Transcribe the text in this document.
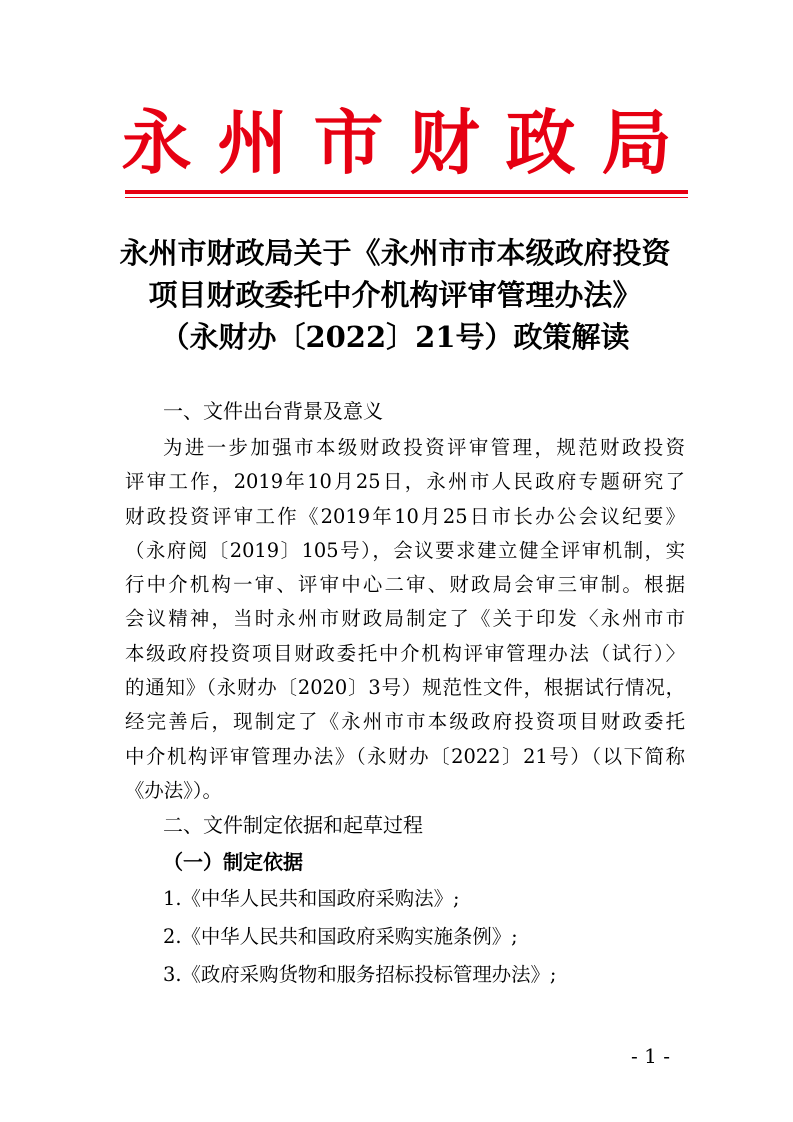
永州市财政局
永州市财政局关于《永州市市本级政府投资
项目财政委托中介机构评审管理办法》
（永财办〔2022〕21号）政策解读
一、文件出台背景及意义
为进一步加强市本级财政投资评审管理，规范财政投资
评审工作，2019年10月25日，永州市人民政府专题研究了
财政投资评审工作《2019年10月25日市长办公会议纪要》
（永府阅〔2019〕105号），会议要求建立健全评审机制，实
行中介机构一审、评审中心二审、财政局会审三审制。根据
会议精神，当时永州市财政局制定了《关于印发〈永州市市
本级政府投资项目财政委托中介机构评审管理办法（试行）〉
的通知》（永财办〔2020〕3号）规范性文件，根据试行情况，
经完善后，现制定了《永州市市本级政府投资项目财政委托
中介机构评审管理办法》（永财办〔2022〕21号）（以下简称
《办法》）。
二、文件制定依据和起草过程
（一）制定依据
1.《中华人民共和国政府采购法》;
2.《中华人民共和国政府采购实施条例》;
3.《政府采购货物和服务招标投标管理办法》;
- 1 -
